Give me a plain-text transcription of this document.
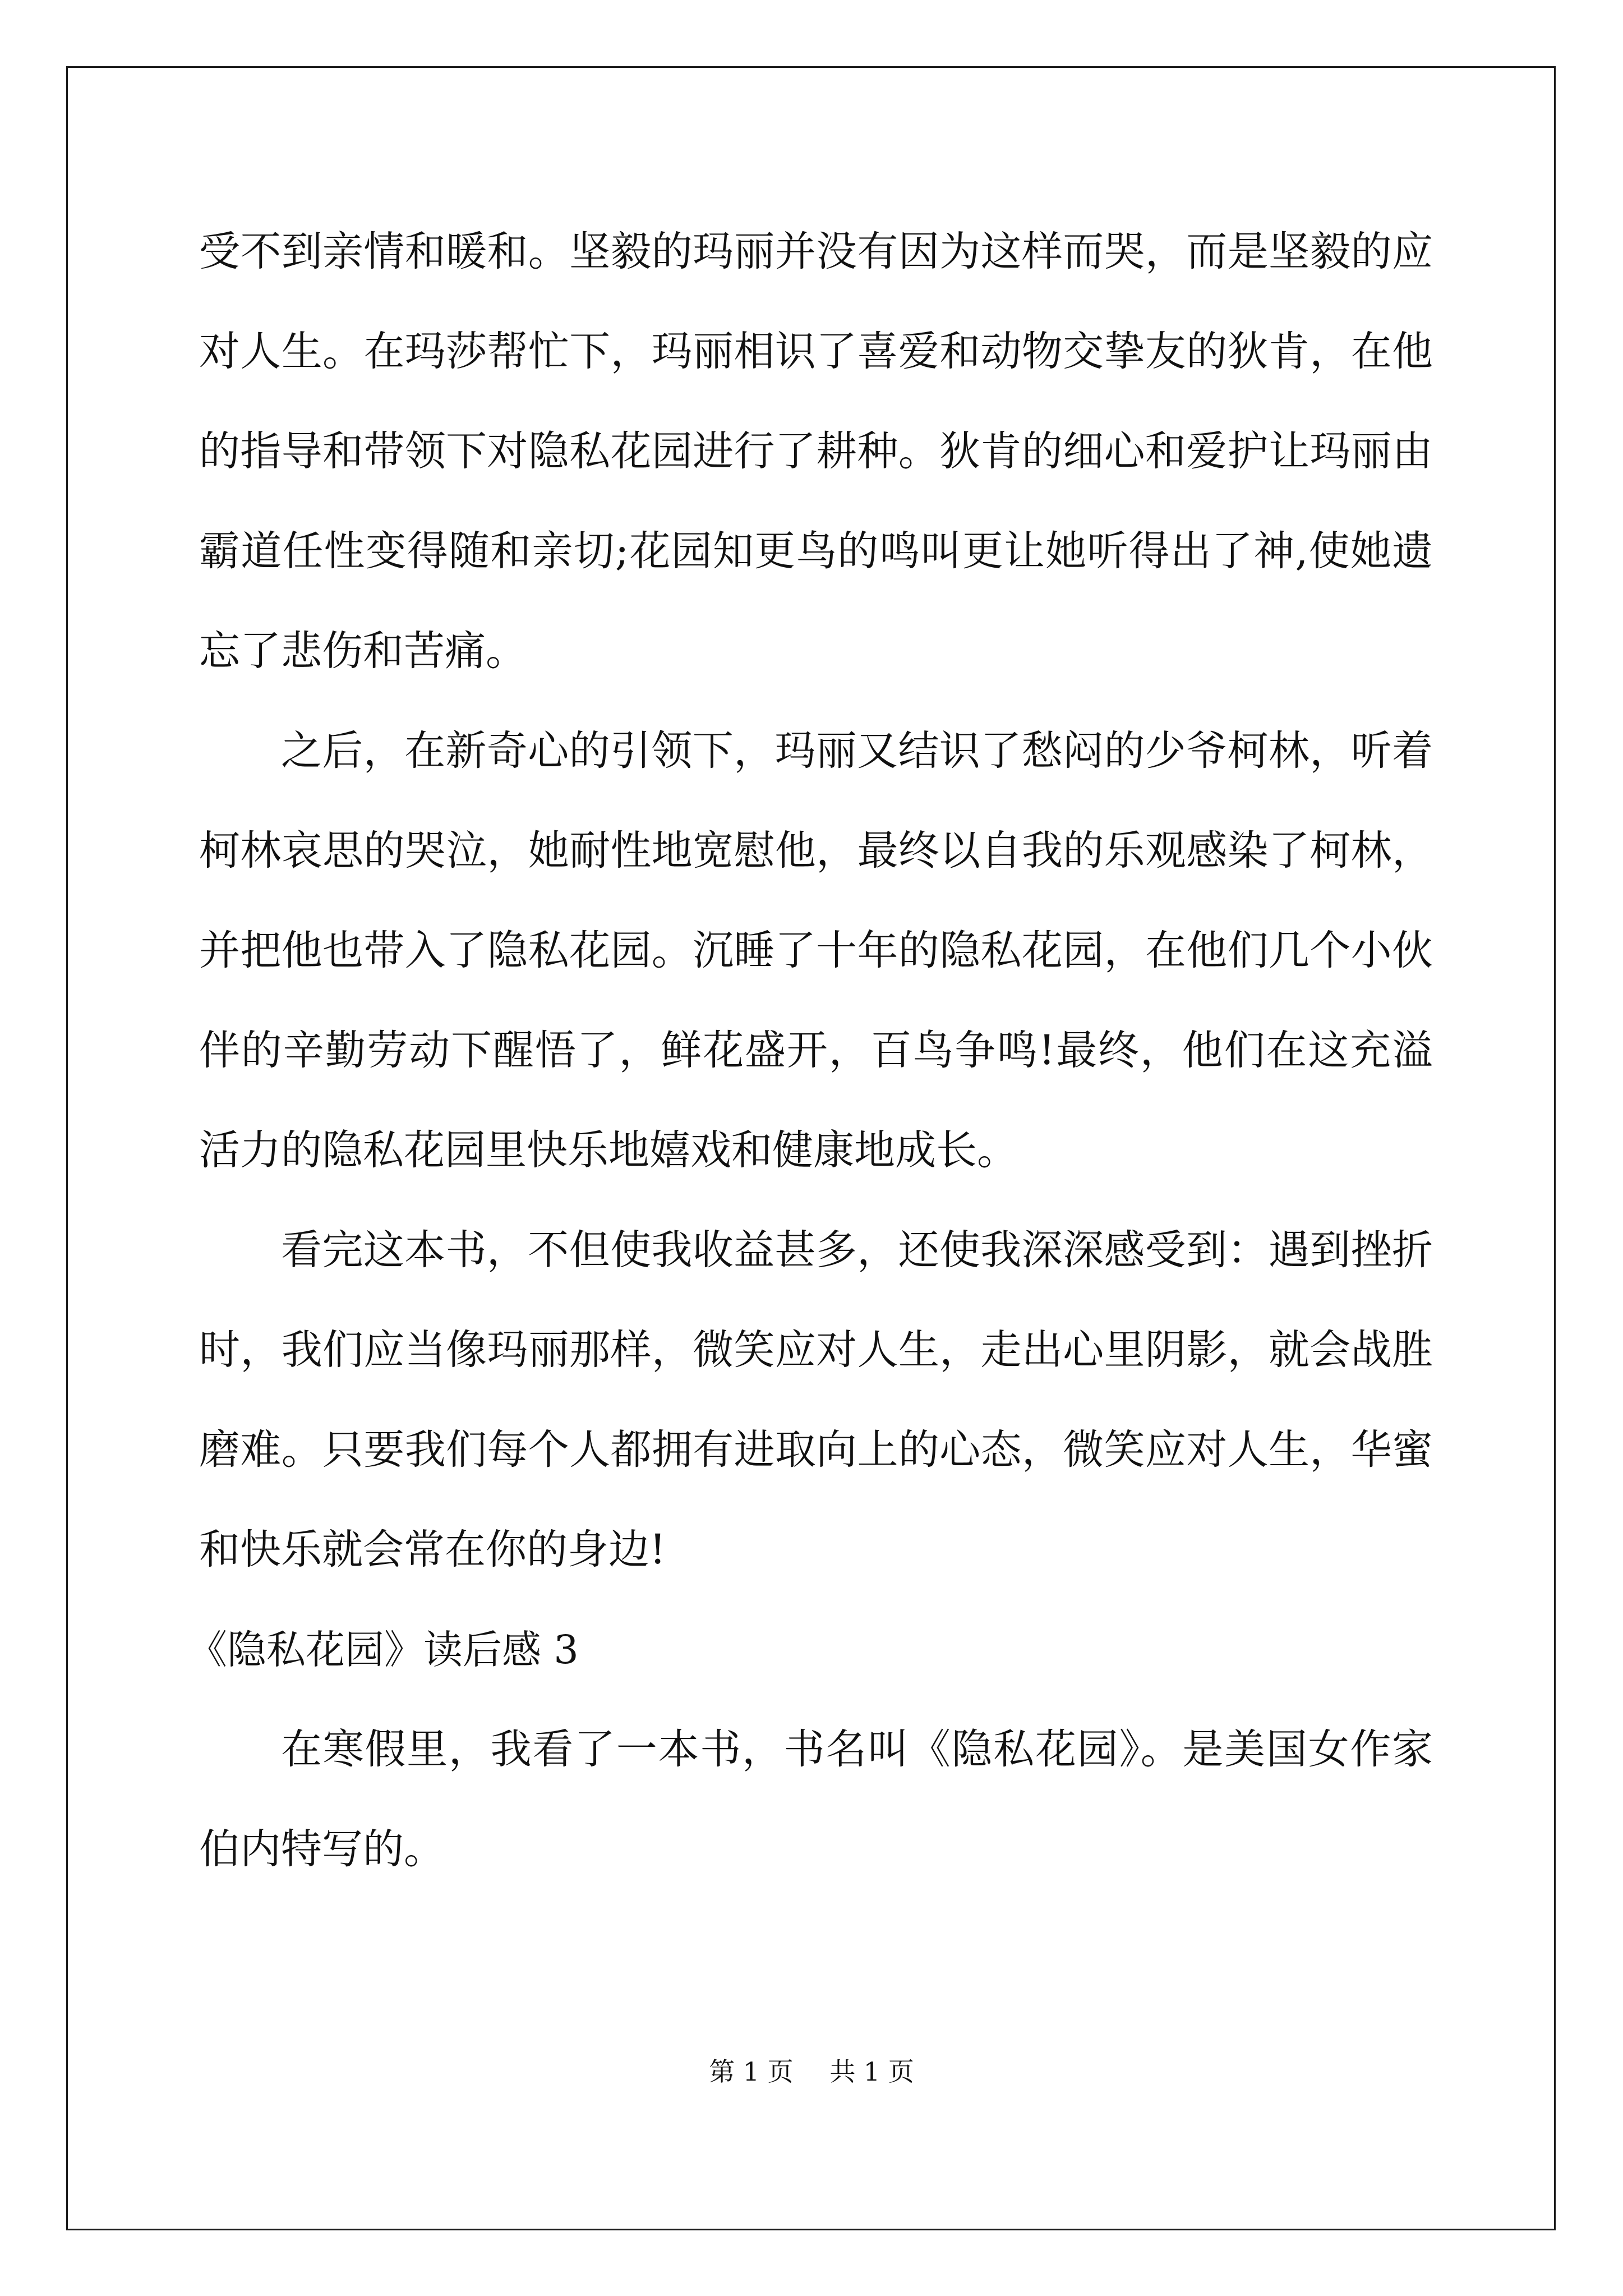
受不到亲情和暖和。坚毅的玛丽并没有因为这样而哭，而是坚毅的应对人生。在玛莎帮忙下，玛丽相识了喜爱和动物交挚友的狄肯，在他的指导和带领下对隐私花园进行了耕种。狄肯的细心和爱护让玛丽由霸道任性变得随和亲切;花园知更鸟的鸣叫更让她听得出了神,使她遗忘了悲伤和苦痛。

之后，在新奇心的引领下，玛丽又结识了愁闷的少爷柯林，听着柯林哀思的哭泣，她耐性地宽慰他，最终以自我的乐观感染了柯林，并把他也带入了隐私花园。沉睡了十年的隐私花园，在他们几个小伙伴的辛勤劳动下醒悟了，鲜花盛开，百鸟争鸣!最终，他们在这充溢活力的隐私花园里快乐地嬉戏和健康地成长。

看完这本书，不但使我收益甚多，还使我深深感受到：遇到挫折时，我们应当像玛丽那样，微笑应对人生，走出心里阴影，就会战胜磨难。只要我们每个人都拥有进取向上的心态，微笑应对人生，华蜜和快乐就会常在你的身边!

《隐私花园》读后感 3

在寒假里，我看了一本书，书名叫《隐私花园》。是美国女作家伯内特写的。

第 1 页 共 1 页
